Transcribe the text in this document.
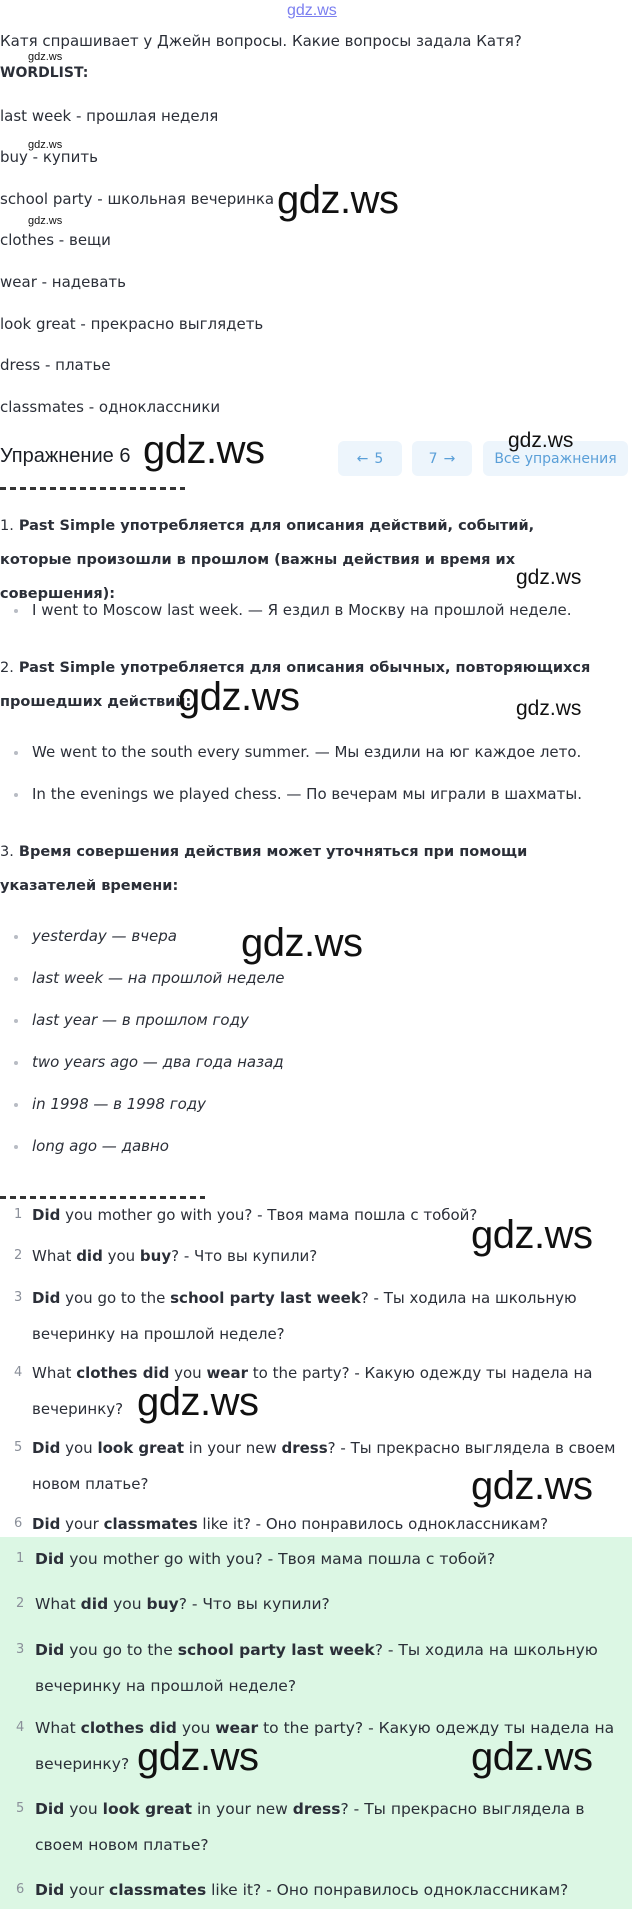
gdz.ws
Катя спрашивает у Джейн вопросы. Какие вопросы задала Катя?
WORDLIST:
last week - прошлая неделя
buy - купить
school party - школьная вечеринка
clothes - вещи
wear - надевать
look great - прекрасно выглядеть
dress - платье
classmates - одноклассники
Упражнение 6	← 5	7 →	Все упражнения
1. Past Simple употребляется для описания действий, событий, которые произошли в прошлом (важны действия и время их совершения):
I went to Moscow last week. — Я ездил в Москву на прошлой неделе.
2. Past Simple употребляется для описания обычных, повторяющихся прошедших действий:
We went to the south every summer. — Мы ездили на юг каждое лето.
In the evenings we played chess. — По вечерам мы играли в шахматы.
3. Время совершения действия может уточняться при помощи указателей времени:
yesterday — вчера
last week — на прошлой неделе
last year — в прошлом году
two years ago — два года назад
in 1998 — в 1998 году
long ago — давно
1 Did you mother go with you? - Твоя мама пошла с тобой?
2 What did you buy? - Что вы купили?
3 Did you go to the school party last week? - Ты ходила на школьную
вечеринку на прошлой неделе?
4 What clothes did you wear to the party? - Какую одежду ты надела на
вечеринку?
5 Did you look great in your new dress? - Ты прекрасно выглядела в своем
новом платье?
6 Did your classmates like it? - Оно понравилось одноклассникам?
1 Did you mother go with you? - Твоя мама пошла с тобой?
2 What did you buy? - Что вы купили?
3 Did you go to the school party last week? - Ты ходила на школьную
вечеринку на прошлой неделе?
4 What clothes did you wear to the party? - Какую одежду ты надела на
вечеринку?
5 Did you look great in your new dress? - Ты прекрасно выглядела в
своем новом платье?
6 Did your classmates like it? - Оно понравилось одноклассникам?
gdz.ws
gdz.ws
gdz.ws	gdz.ws
gdz.ws	gdz.ws
gdz.ws
gdz.ws	gdz.ws
gdz.ws
gdz.ws
gdz.ws
gdz.ws
gdz.ws	gdz.ws
